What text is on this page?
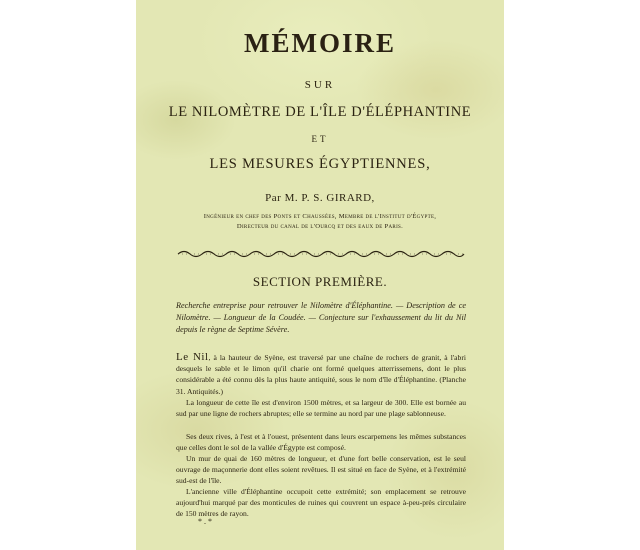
MÉMOIRE
SUR
LE NILOMÈTRE DE L'ÎLE D'ÉLÉPHANTINE
ET
LES MESURES ÉGYPTIENNES,
Par M. P. S. GIRARD,
Ingénieur en chef des Ponts et Chaussées, Membre de l'Institut d'Égypte,
Directeur du canal de l'Ourcq et des eaux de Paris.
SECTION PREMIÈRE.
Recherche entreprise pour retrouver le Nilomètre d'Éléphantine. — Description de ce Nilomètre. — Longueur de la Coudée. — Conjecture sur l'exhaussement du lit du Nil depuis le règne de Septime Sévère.
Le Nil, à la hauteur de Syène, est traversé par une chaîne de rochers de granit, à l'abri desquels le sable et le limon qu'il charie ont formé quelques atterrissemens, dont le plus considérable a été connu dès la plus haute antiquité, sous le nom d'île d'Éléphantine. (Planche 31. Antiquités.)
La longueur de cette île est d'environ 1500 mètres, et sa largeur de 300. Elle est bornée au sud par une ligne de rochers abruptes; elle se termine au nord par une plage sablonneuse.
Ses deux rives, à l'est et à l'ouest, présentent dans leurs escarpemens les mêmes substances que celles dont le sol de la vallée d'Égypte est composé.
Un mur de quai de 160 mètres de longueur, et d'une fort belle conservation, est le seul ouvrage de maçonnerie dont elles soient revêtues. Il est situé en face de Syène, et à l'extrémité sud-est de l'île.
L'ancienne ville d'Éléphantine occupoit cette extrémité; son emplacement se retrouve aujourd'hui marqué par des monticules de ruines qui couvrent un espace à-peu-près circulaire de 150 mètres de rayon.
*.*
